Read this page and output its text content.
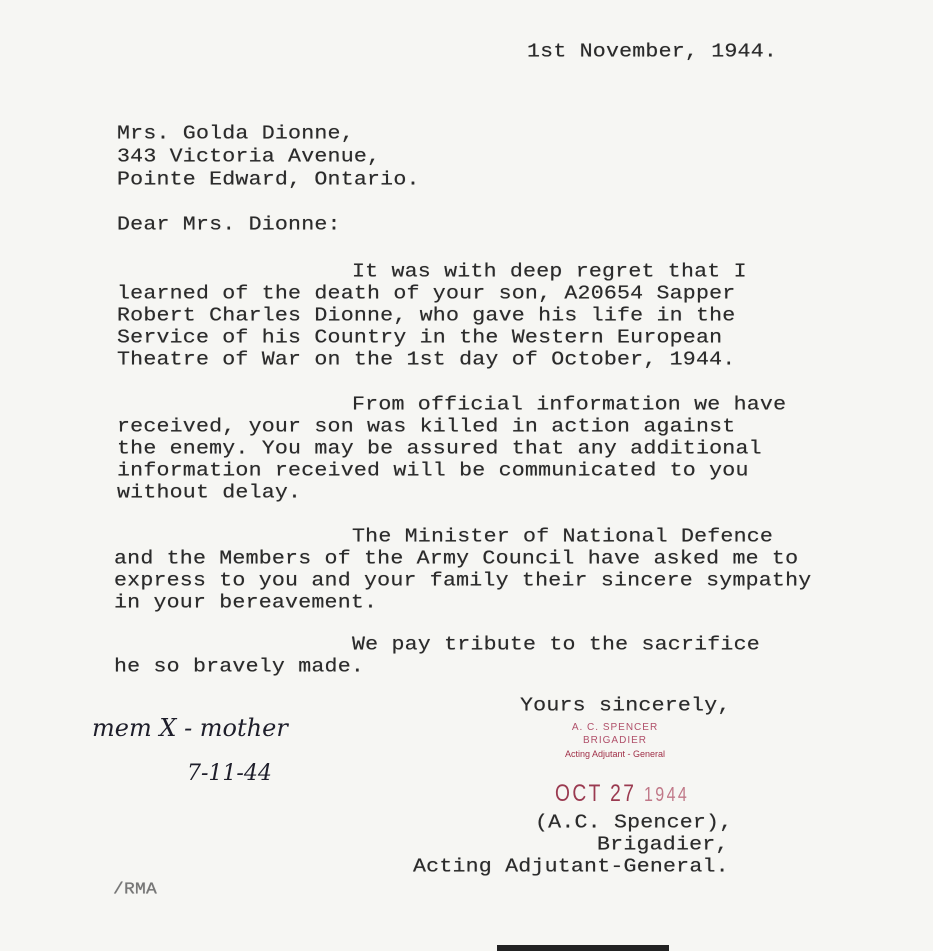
1st November, 1944.
Mrs. Golda Dionne,
343 Victoria Avenue,
Pointe Edward, Ontario.
Dear Mrs. Dionne:
It was with deep regret that I
learned of the death of your son, A20654 Sapper
Robert Charles Dionne, who gave his life in the
Service of his Country in the Western European
Theatre of War on the 1st day of October, 1944.
From official information we have
received, your son was killed in action against
the enemy. You may be assured that any additional
information received will be communicated to you
without delay.
The Minister of National Defence
and the Members of the Army Council have asked me to
express to you and your family their sincere sympathy
in your bereavement.
We pay tribute to the sacrifice
he so bravely made.
Yours sincerely,
A. C. SPENCER
BRIGADIER
Acting Adjutant - General
OCT 27 1944
(A.C. Spencer),
Brigadier,
Acting Adjutant-General.
/RMA
mem X - mother
7-11-44
